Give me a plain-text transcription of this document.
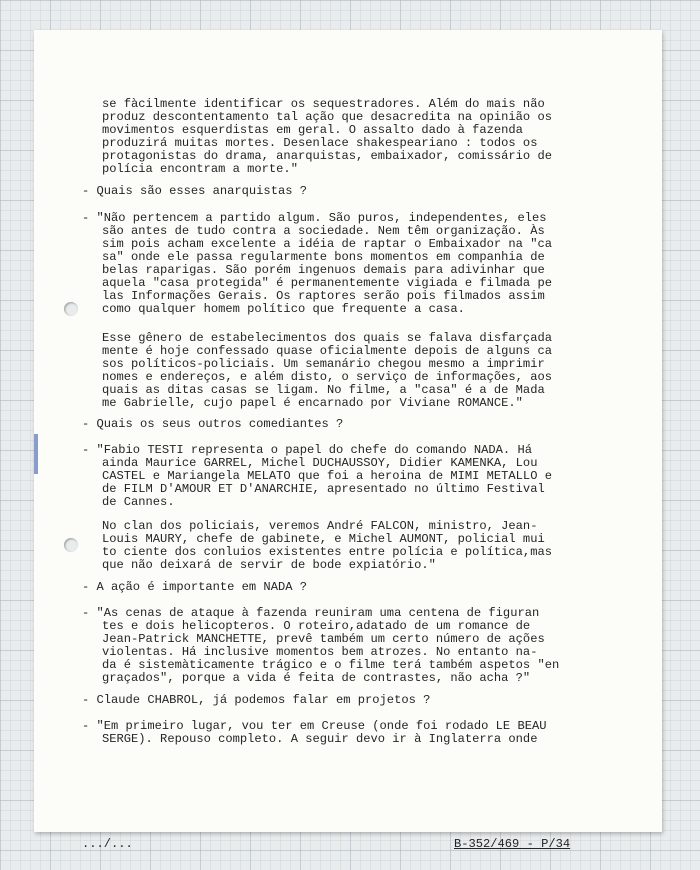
se fàcilmente identificar os sequestradores. Além do mais não
produz descontentamento tal ação que desacredita na opinião os
movimentos esquerdistas em geral. O assalto dado à fazenda
produzirá muitas mortes. Desenlace shakespeariano : todos os
protagonistas do drama, anarquistas, embaixador, comissário de
polícia encontram a morte."
- Quais são esses anarquistas ?
- "Não pertencem a partido algum. São puros, independentes, eles
são antes de tudo contra a sociedade. Nem têm organização. Às
sim pois acham excelente a idéia de raptar o Embaixador na "ca
sa" onde ele passa regularmente bons momentos em companhia de
belas raparigas. São porém ingenuos demais para adivinhar que
aquela "casa protegida" é permanentemente vigiada e filmada pe
las Informações Gerais. Os raptores serão pois filmados assim
como qualquer homem político que frequente a casa.
Esse gênero de estabelecimentos dos quais se falava disfarçada
mente é hoje confessado quase oficialmente depois de alguns ca
sos políticos-policiais. Um semanário chegou mesmo a imprimir
nomes e endereços, e além disto, o serviço de informações, aos
quais as ditas casas se ligam. No filme, a "casa" é a de Mada
me Gabrielle, cujo papel é encarnado por Viviane ROMANCE."
- Quais os seus outros comediantes ?
- "Fabio TESTI representa o papel do chefe do comando NADA. Há
ainda Maurice GARREL, Michel DUCHAUSSOY, Didier KAMENKA, Lou
CASTEL e Mariangela MELATO que foi a heroina de MIMI METALLO e
de FILM D'AMOUR ET D'ANARCHIE, apresentado no último Festival
de Cannes.
No clan dos policiais, veremos André FALCON, ministro, Jean-
Louis MAURY, chefe de gabinete, e Michel AUMONT, policial mui
to ciente dos conluios existentes entre polícia e política,mas
que não deixará de servir de bode expiatório."
- A ação é importante em NADA ?
- "As cenas de ataque à fazenda reuniram uma centena de figuran
tes e dois helicopteros. O roteiro,adatado de um romance de
Jean-Patrick MANCHETTE, prevê também um certo número de ações
violentas. Há inclusive momentos bem atrozes. No entanto na-
da é sistemàticamente trágico e o filme terá também aspetos "en
graçados", porque a vida é feita de contrastes, não acha ?"
- Claude CHABROL, já podemos falar em projetos ?
- "Em primeiro lugar, vou ter em Creuse (onde foi rodado LE BEAU
SERGE). Repouso completo. A seguir devo ir à Inglaterra onde
.../...	B-352/469 - P/34
